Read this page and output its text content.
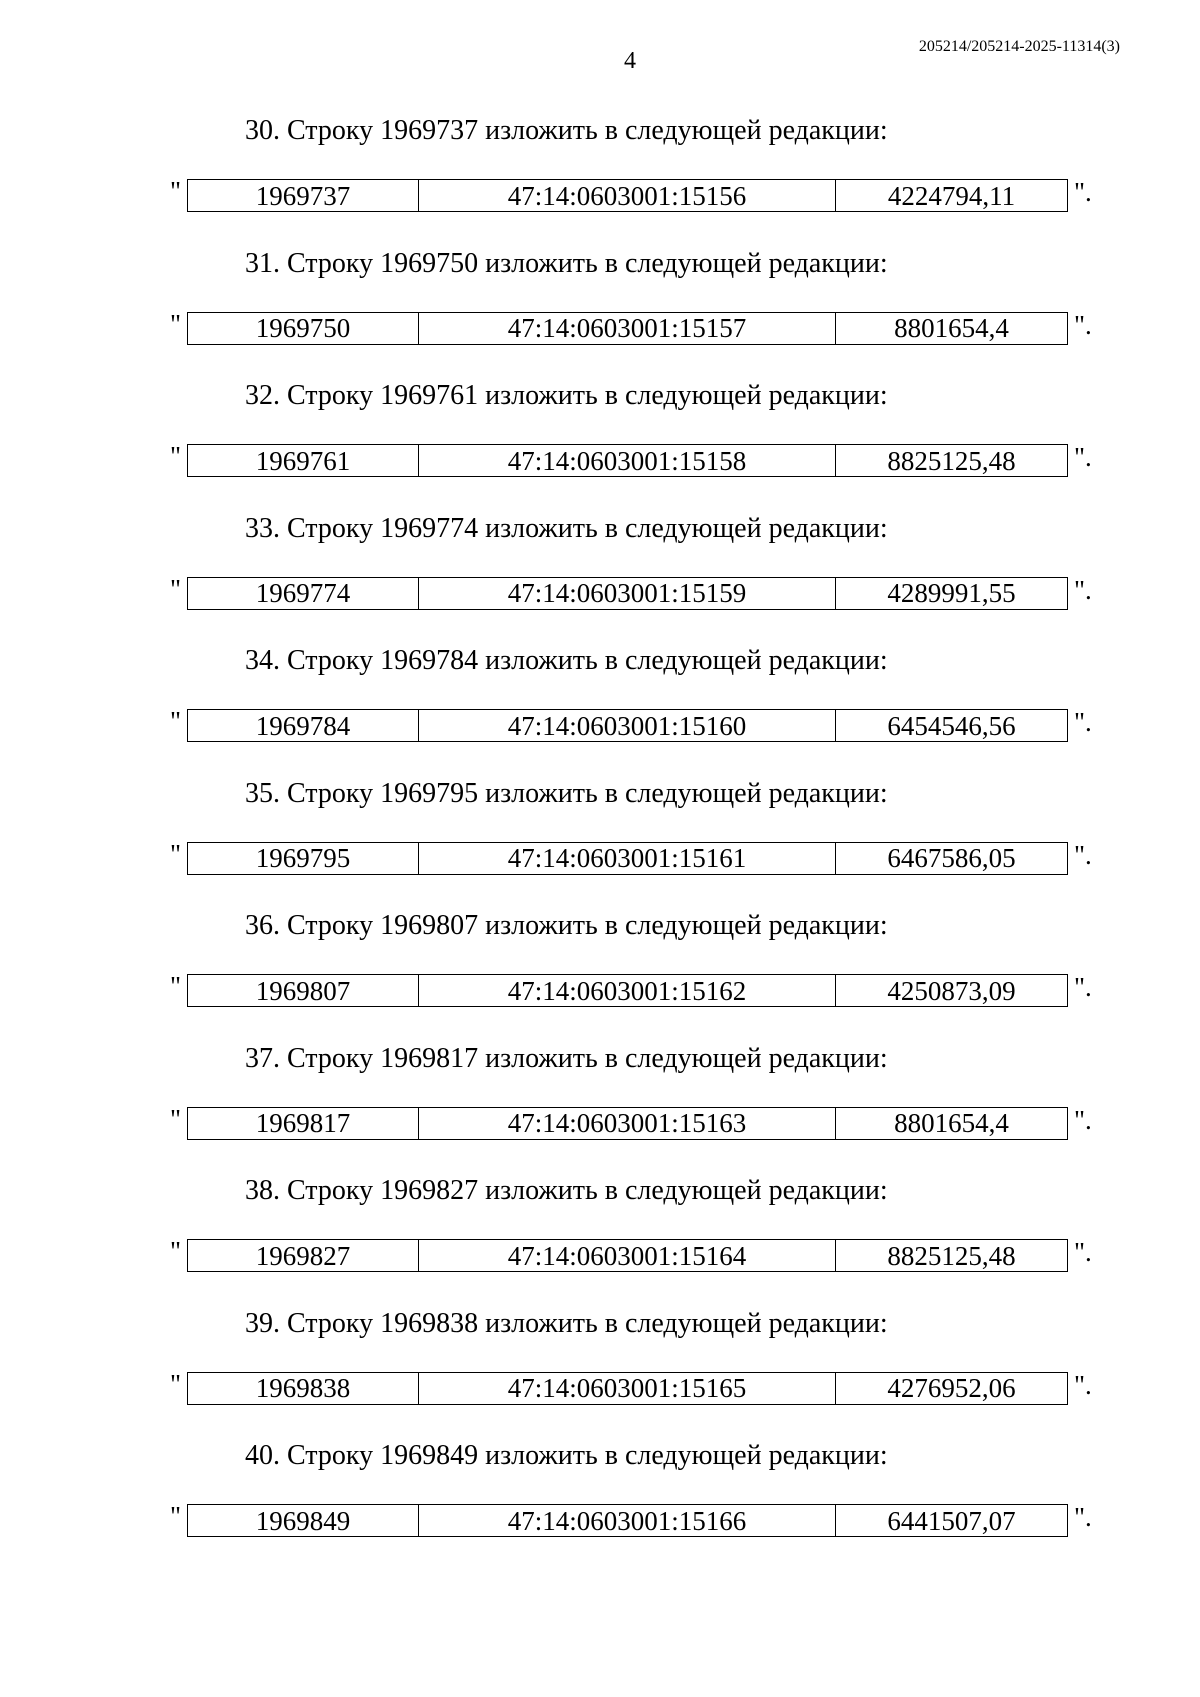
4
205214/205214-2025-11314(3)
30. Строку 1969737 изложить в следующей редакции:
"	1969737	47:14:0603001:15156	4224794,11 ".
31. Строку 1969750 изложить в следующей редакции:
"	1969750	47:14:0603001:15157	8801654,4 ".
32. Строку 1969761 изложить в следующей редакции:
"	1969761	47:14:0603001:15158	8825125,48 ".
33. Строку 1969774 изложить в следующей редакции:
"	1969774	47:14:0603001:15159	4289991,55 ".
34. Строку 1969784 изложить в следующей редакции:
"	1969784	47:14:0603001:15160	6454546,56 ".
35. Строку 1969795 изложить в следующей редакции:
"	1969795	47:14:0603001:15161	6467586,05 ".
36. Строку 1969807 изложить в следующей редакции:
"	1969807	47:14:0603001:15162	4250873,09 ".
37. Строку 1969817 изложить в следующей редакции:
"	1969817	47:14:0603001:15163	8801654,4 ".
38. Строку 1969827 изложить в следующей редакции:
"	1969827	47:14:0603001:15164	8825125,48 ".
39. Строку 1969838 изложить в следующей редакции:
"	1969838	47:14:0603001:15165	4276952,06 ".
40. Строку 1969849 изложить в следующей редакции:
"	1969849	47:14:0603001:15166	6441507,07 ".
